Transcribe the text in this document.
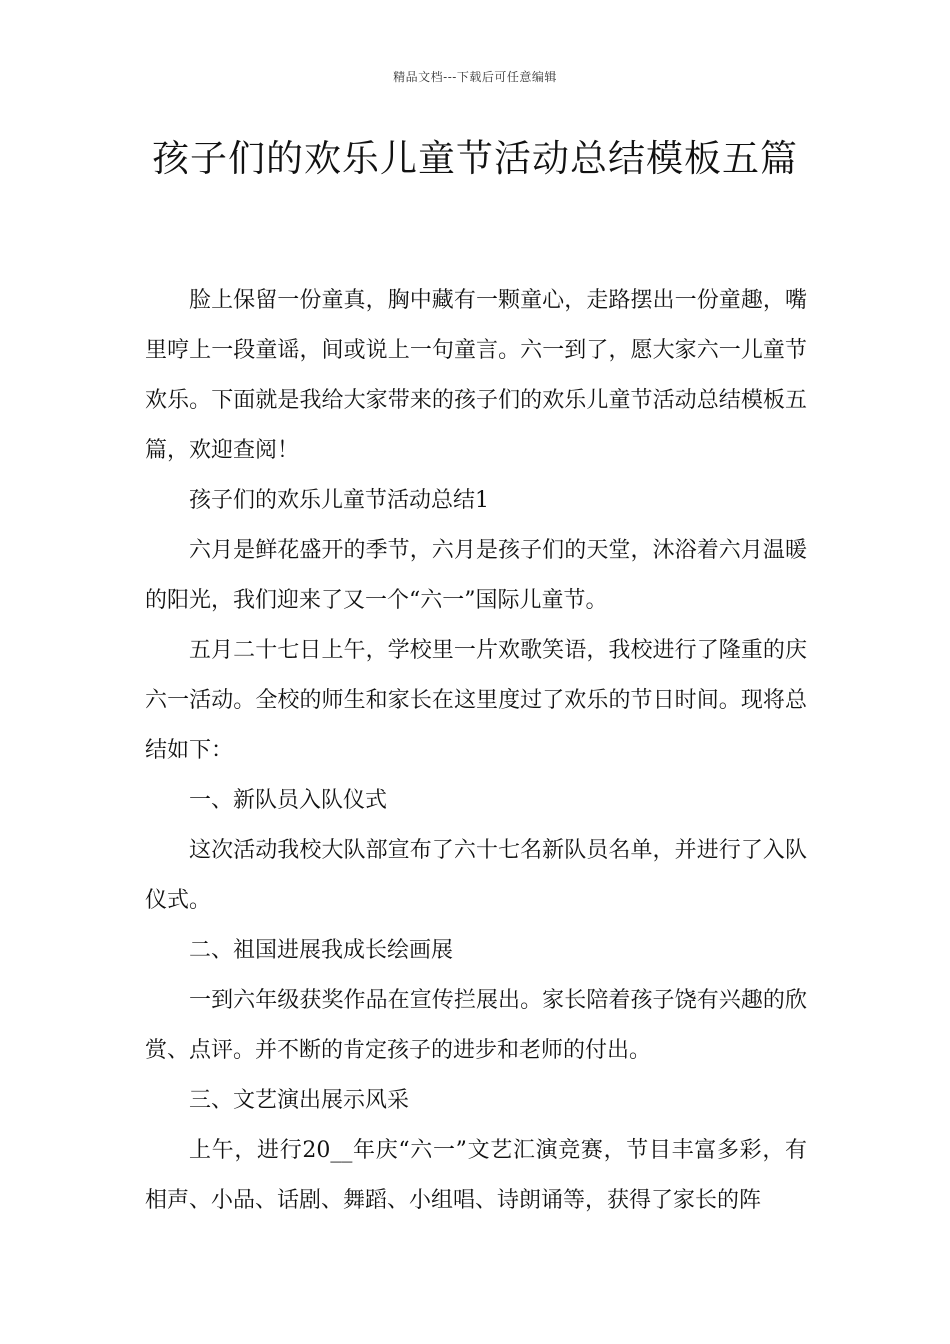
精品文档---下载后可任意编辑
孩子们的欢乐儿童节活动总结模板五篇

脸上保留一份童真，胸中藏有一颗童心，走路摆出一份童趣，嘴里哼上一段童谣，间或说上一句童言。六一到了，愿大家六一儿童节欢乐。下面就是我给大家带来的孩子们的欢乐儿童节活动总结模板五篇，欢迎查阅！

孩子们的欢乐儿童节活动总结1

六月是鲜花盛开的季节，六月是孩子们的天堂，沐浴着六月温暖的阳光，我们迎来了又一个“六一”国际儿童节。

五月二十七日上午，学校里一片欢歌笑语，我校进行了隆重的庆六一活动。全校的师生和家长在这里度过了欢乐的节日时间。现将总结如下：

一、新队员入队仪式

这次活动我校大队部宣布了六十七名新队员名单，并进行了入队仪式。

二、祖国进展我成长绘画展

一到六年级获奖作品在宣传拦展出。家长陪着孩子饶有兴趣的欣赏、点评。并不断的肯定孩子的进步和老师的付出。

三、文艺演出展示风采

上午，进行20__年庆“六一”文艺汇演竞赛，节目丰富多彩，有相声、小品、话剧、舞蹈、小组唱、诗朗诵等，获得了家长的阵
